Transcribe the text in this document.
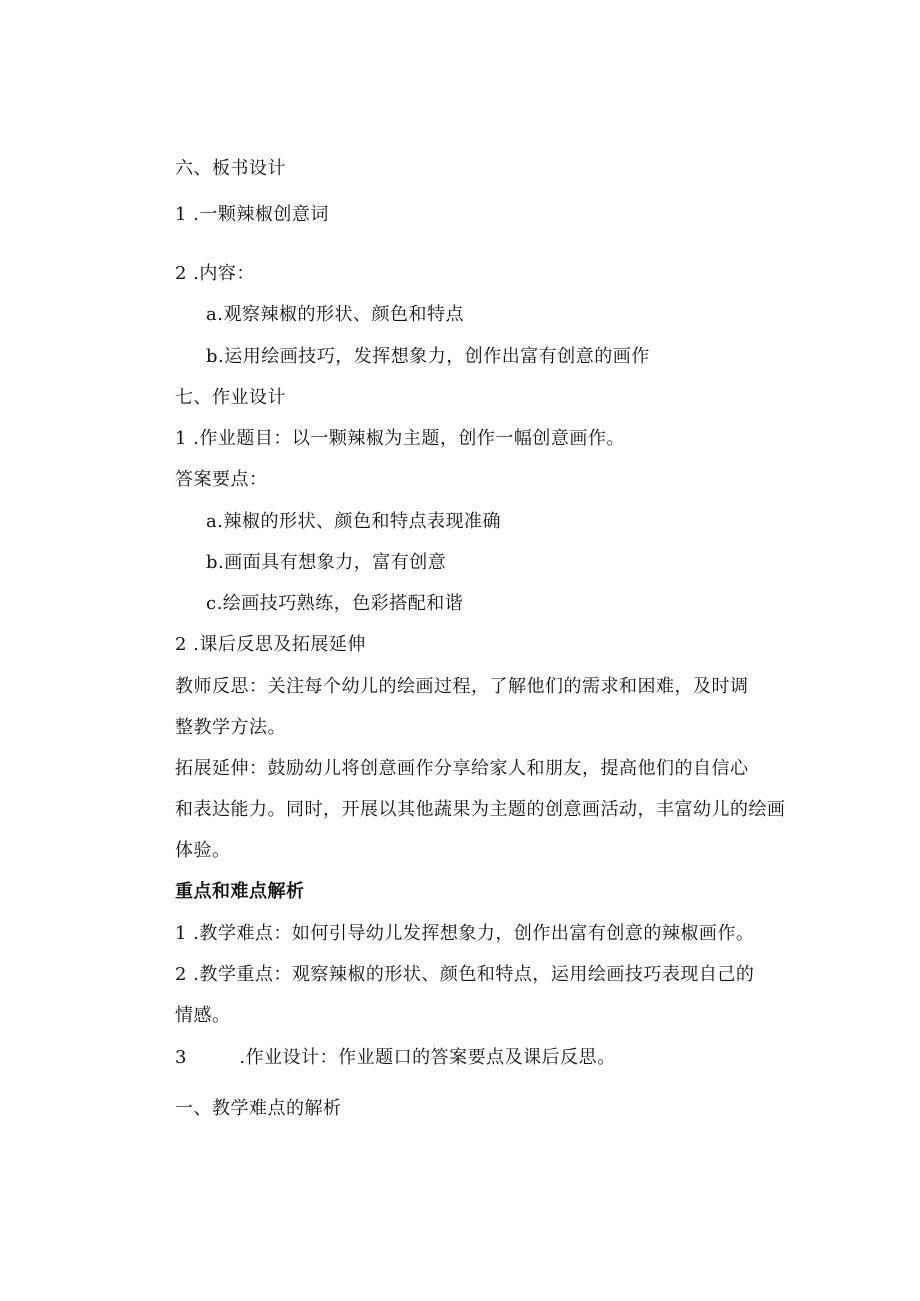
六、板书设计
1 .一颗辣椒创意词
2 .内容：
a.观察辣椒的形状、颜色和特点
b.运用绘画技巧，发挥想象力，创作出富有创意的画作
七、作业设计
1 .作业题目：以一颗辣椒为主题，创作一幅创意画作。
答案要点：
a.辣椒的形状、颜色和特点表现准确
b.画面具有想象力，富有创意
c.绘画技巧熟练，色彩搭配和谐
2 .课后反思及拓展延伸
教师反思：关注每个幼儿的绘画过程，了解他们的需求和困难，及时调
整教学方法。
拓展延伸：鼓励幼儿将创意画作分享给家人和朋友，提高他们的自信心
和表达能力。同时，开展以其他蔬果为主题的创意画活动，丰富幼儿的绘画
体验。
重点和难点解析
1 .教学难点：如何引导幼儿发挥想象力，创作出富有创意的辣椒画作。
2 .教学重点：观察辣椒的形状、颜色和特点，运用绘画技巧表现自己的
情感。
3	.作业设计：作业题口的答案要点及课后反思。
一、教学难点的解析
